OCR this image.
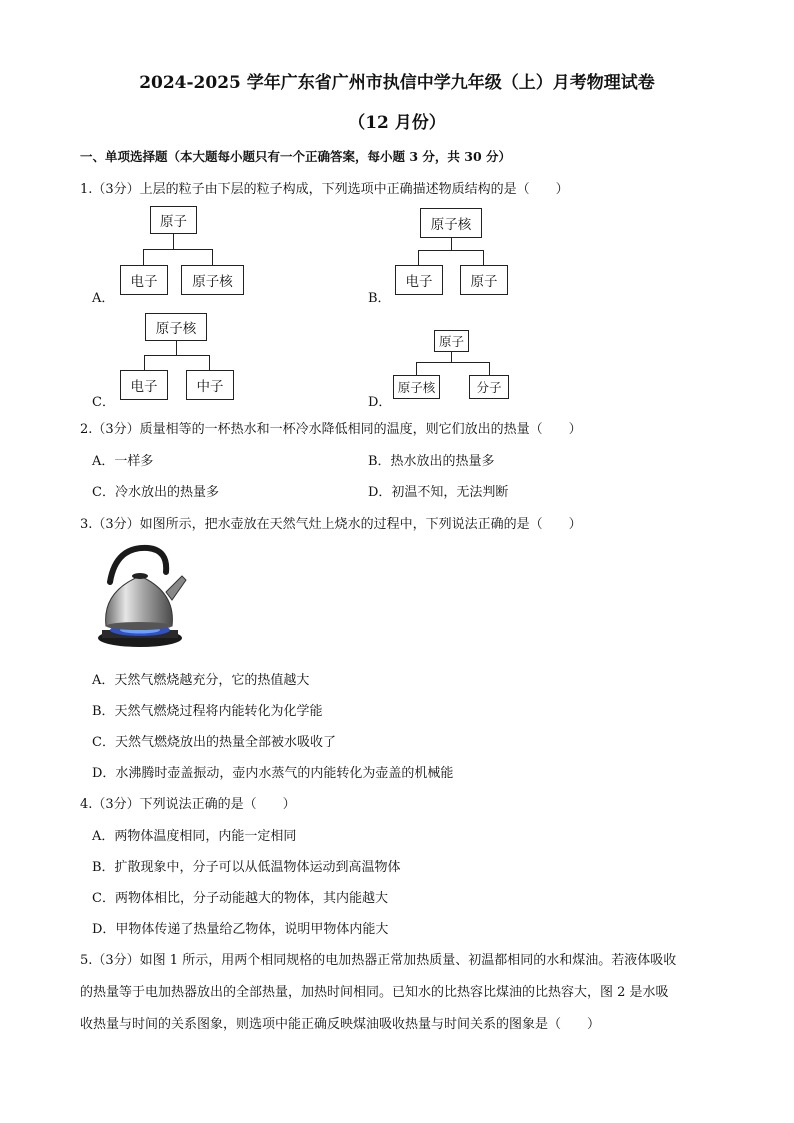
2024-2025 学年广东省广州市执信中学九年级（上）月考物理试卷
（12 月份）
一、单项选择题（本大题每小题只有一个正确答案，每小题 3 分，共 30 分）
1.（3分）上层的粒子由下层的粒子构成，下列选项中正确描述物质结构的是（　　）
A．
原子
电子	原子核
B．
原子核
电子	原子
C．
原子核
电子	中子
D．
原子
原子核	分子
2.（3分）质量相等的一杯热水和一杯冷水降低相同的温度，则它们放出的热量（　　）
A．一样多	B．热水放出的热量多
C．冷水放出的热量多	D．初温不知，无法判断
3.（3分）如图所示，把水壶放在天然气灶上烧水的过程中，下列说法正确的是（　　）
A．天然气燃烧越充分，它的热值越大
B．天然气燃烧过程将内能转化为化学能
C．天然气燃烧放出的热量全部被水吸收了
D．水沸腾时壶盖振动，壶内水蒸气的内能转化为壶盖的机械能
4.（3分）下列说法正确的是（　　）
A．两物体温度相同，内能一定相同
B．扩散现象中，分子可以从低温物体运动到高温物体
C．两物体相比，分子动能越大的物体，其内能越大
D．甲物体传递了热量给乙物体，说明甲物体内能大
5.（3分）如图 1 所示，用两个相同规格的电加热器正常加热质量、初温都相同的水和煤油。若液体吸收
的热量等于电加热器放出的全部热量，加热时间相同。已知水的比热容比煤油的比热容大，图 2 是水吸
收热量与时间的关系图象，则选项中能正确反映煤油吸收热量与时间关系的图象是（　　）
